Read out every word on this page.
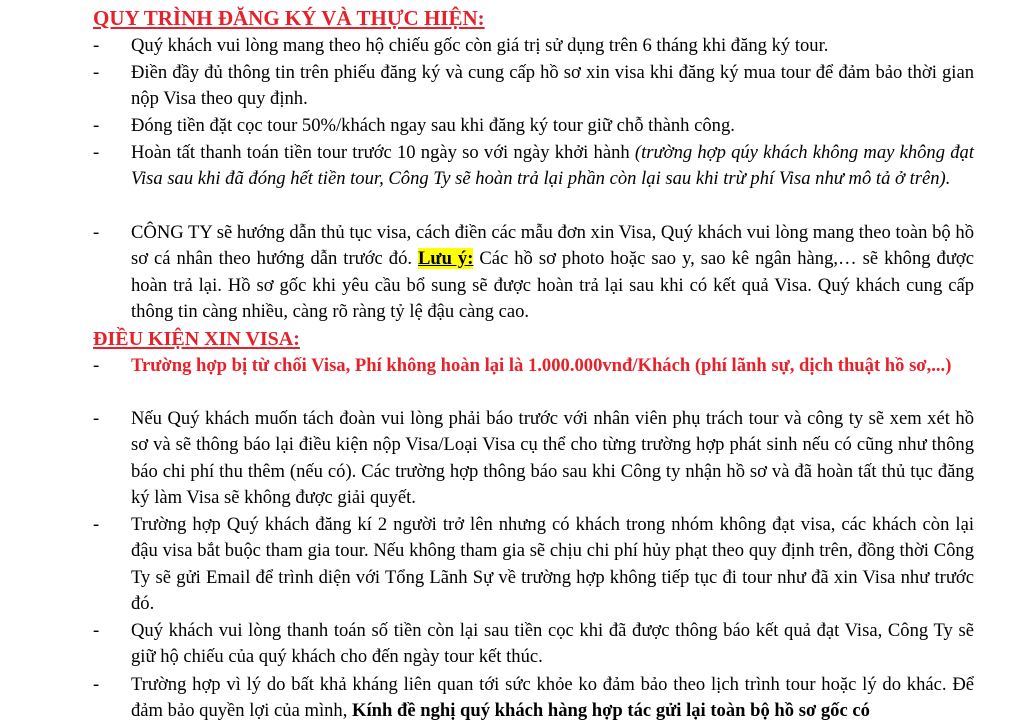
QUY TRÌNH ĐĂNG KÝ VÀ THỰC HIỆN:
- Quý khách vui lòng mang theo hộ chiếu gốc còn giá trị sử dụng trên 6 tháng khi đăng ký tour.
- Điền đầy đủ thông tin trên phiếu đăng ký và cung cấp hồ sơ xin visa khi đăng ký mua tour để đảm bảo thời gian nộp Visa theo quy định.
- Đóng tiền đặt cọc tour 50%/khách ngay sau khi đăng ký tour giữ chỗ thành công.
- Hoàn tất thanh toán tiền tour trước 10 ngày so với ngày khởi hành (trường hợp qúy khách không may không đạt Visa sau khi đã đóng hết tiền tour, Công Ty sẽ hoàn trả lại phần còn lại sau khi trừ phí Visa như mô tả ở trên).
- CÔNG TY sẽ hướng dẫn thủ tục visa, cách điền các mẫu đơn xin Visa, Quý khách vui lòng mang theo toàn bộ hồ sơ cá nhân theo hướng dẫn trước đó. Lưu ý: Các hồ sơ photo hoặc sao y, sao kê ngân hàng,… sẽ không được hoàn trả lại. Hồ sơ gốc khi yêu cầu bổ sung sẽ được hoàn trả lại sau khi có kết quả Visa. Quý khách cung cấp thông tin càng nhiều, càng rõ ràng tỷ lệ đậu càng cao.
ĐIỀU KIỆN XIN VISA:
- Trường hợp bị từ chối Visa, Phí không hoàn lại là 1.000.000vnđ/Khách (phí lãnh sự, dịch thuật hồ sơ,...)
- Nếu Quý khách muốn tách đoàn vui lòng phải báo trước với nhân viên phụ trách tour và công ty sẽ xem xét hồ sơ và sẽ thông báo lại điều kiện nộp Visa/Loại Visa cụ thể cho từng trường hợp phát sinh nếu có cũng như thông báo chi phí thu thêm (nếu có). Các trường hợp thông báo sau khi Công ty nhận hồ sơ và đã hoàn tất thủ tục đăng ký làm Visa sẽ không được giải quyết.
- Trường hợp Quý khách đăng kí 2 người trở lên nhưng có khách trong nhóm không đạt visa, các khách còn lại đậu visa bắt buộc tham gia tour. Nếu không tham gia sẽ chịu chi phí hủy phạt theo quy định trên, đồng thời Công Ty sẽ gửi Email để trình diện với Tổng Lãnh Sự về trường hợp không tiếp tục đi tour như đã xin Visa như trước đó.
- Quý khách vui lòng thanh toán số tiền còn lại sau tiền cọc khi đã được thông báo kết quả đạt Visa, Công Ty sẽ giữ hộ chiếu của quý khách cho đến ngày tour kết thúc.
- Trường hợp vì lý do bất khả kháng liên quan tới sức khỏe ko đảm bảo theo lịch trình tour hoặc lý do khác. Để đảm bảo quyền lợi của mình, Kính đề nghị quý khách hàng hợp tác gửi lại toàn bộ hồ sơ gốc có
